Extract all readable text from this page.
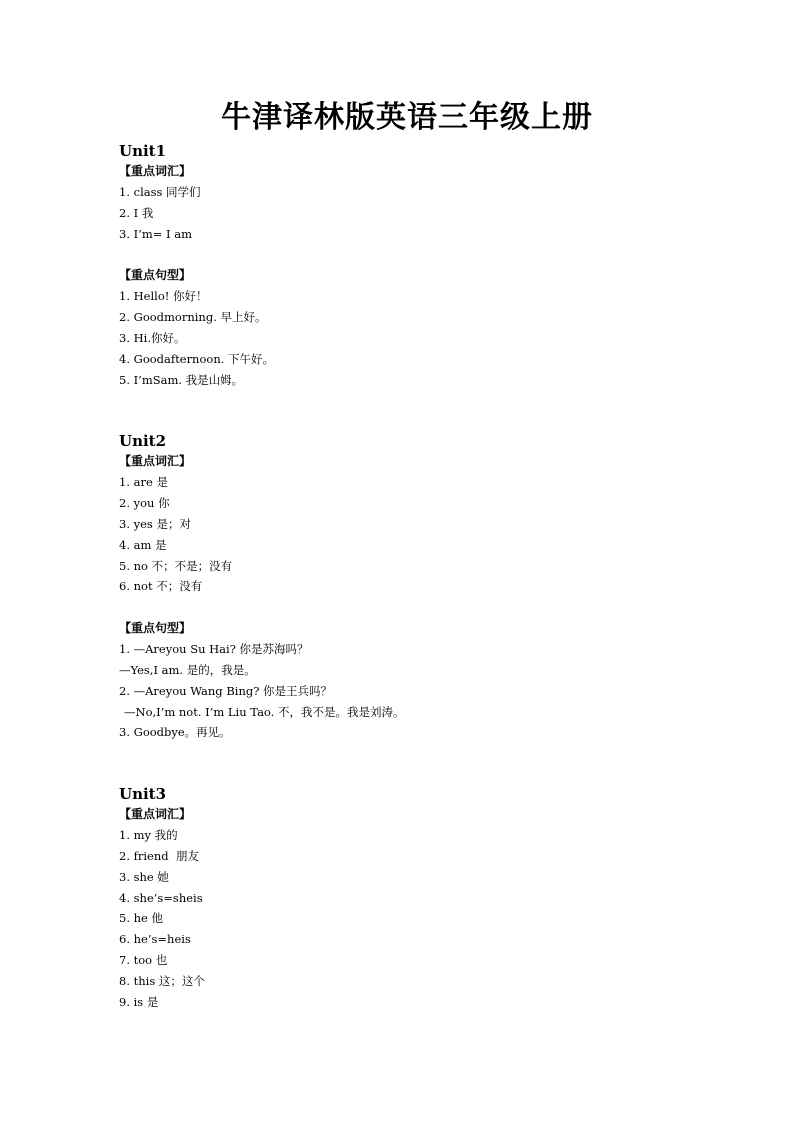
牛津译林版英语三年级上册
Unit1
【重点词汇】
1. class 同学们
2. I 我
3. I’m= I am
【重点句型】
1. Hello! 你好！
2. Goodmorning. 早上好。
3. Hi.你好。
4. Goodafternoon. 下午好。
5. I’mSam. 我是山姆。
Unit2
【重点词汇】
1. are 是
2. you 你
3. yes 是；对
4. am 是
5. no 不；不是；没有
6. not 不；没有
【重点句型】
1. —Areyou Su Hai? 你是苏海吗？
—Yes,I am. 是的，我是。
2. —Areyou Wang Bing? 你是王兵吗？
—No,I’m not. I’m Liu Tao. 不，我不是。我是刘涛。
3. Goodbye。再见。
Unit3
【重点词汇】
1. my 我的
2. friend  朋友
3. she 她
4. she’s=sheis
5. he 他
6. he’s=heis
7. too 也
8. this 这；这个
9. is 是
